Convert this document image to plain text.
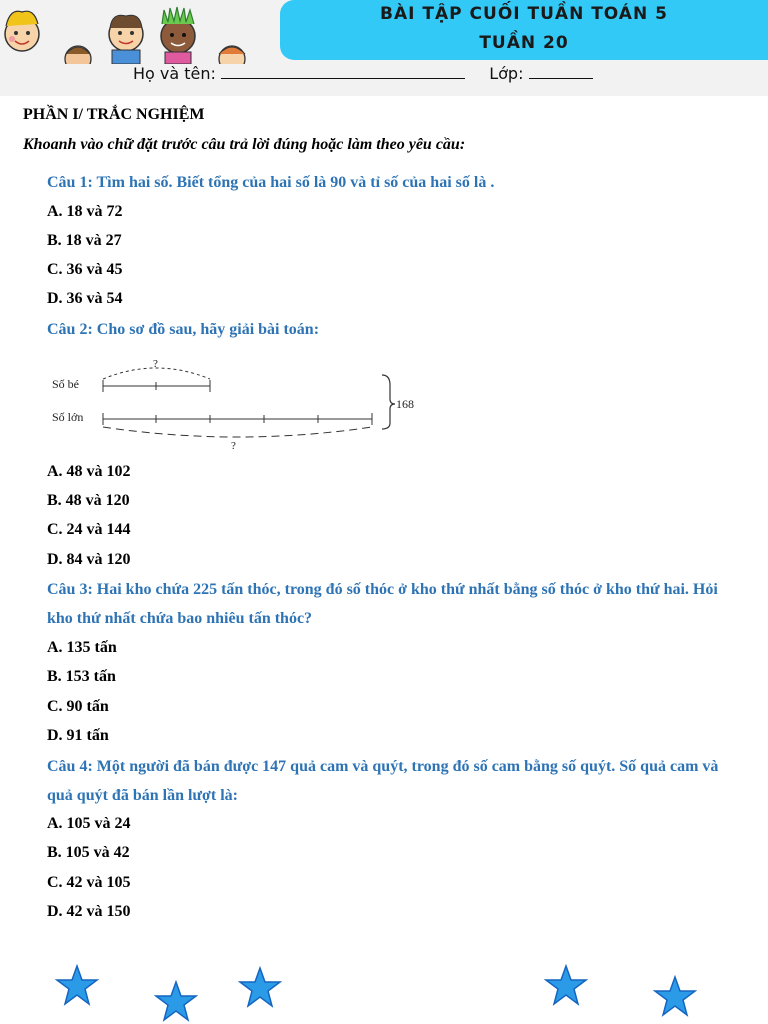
BÀI TẬP CUỐI TUẦN TOÁN 5
TUẦN 20
Họ và tên:	Lớp:
PHẦN I/ TRẮC NGHIỆM
Khoanh vào chữ đặt trước câu trả lời đúng hoặc làm theo yêu cầu:
Câu 1: Tìm hai số. Biết tổng của hai số là 90 và tỉ số của hai số là .
A. 18 và 72
B. 18 và 27
C. 36 và 45
D. 36 và 54
Câu 2: Cho sơ đồ sau, hãy giải bài toán:
Số bé
Số lớn
?
?
168
A. 48 và 102
B. 48 và 120
C. 24 và 144
D. 84 và 120
Câu 3: Hai kho chứa 225 tấn thóc, trong đó số thóc ở kho thứ nhất bằng số thóc ở kho thứ hai. Hỏi kho thứ nhất chứa bao nhiêu tấn thóc?
A. 135 tấn
B. 153 tấn
C. 90 tấn
D. 91 tấn
Câu 4: Một người đã bán được 147 quả cam và quýt, trong đó số cam bằng số quýt. Số quả cam và quả quýt đã bán lần lượt là:
A. 105 và 24
B. 105 và 42
C. 42 và 105
D. 42 và 150
